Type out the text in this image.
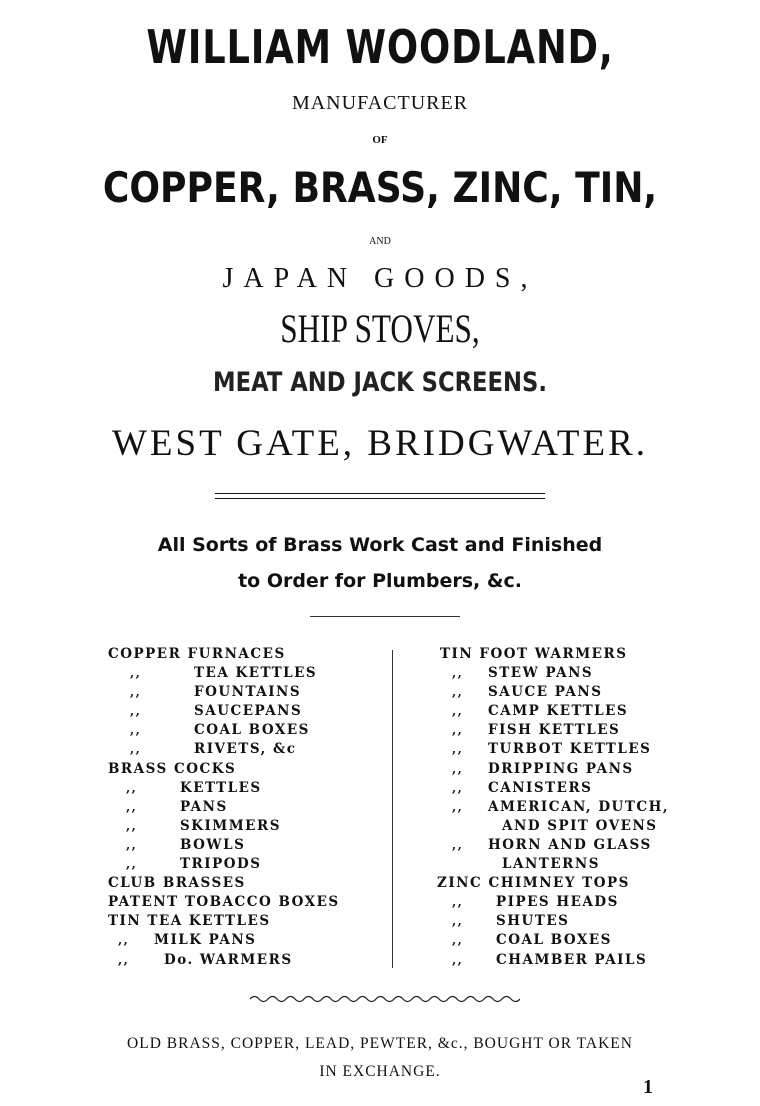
WILLIAM WOODLAND,
MANUFACTURER
OF
COPPER, BRASS, ZINC, TIN,
AND
JAPAN GOODS,
SHIP STOVES,
MEAT AND JACK SCREENS.
WEST GATE, BRIDGWATER.
All Sorts of Brass Work Cast and Finished
to Order for Plumbers, &c.
COPPER FURNACES
,,	TEA KETTLES
,,	FOUNTAINS
,,	SAUCEPANS
,,	COAL BOXES
,,	RIVETS, &c
BRASS COCKS
,,	KETTLES
,,	PANS
,,	SKIMMERS
,,	BOWLS
,,	TRIPODS
CLUB BRASSES
PATENT TOBACCO BOXES
TIN TEA KETTLES
,, MILK PANS
,,	Do. WARMERS
TIN FOOT WARMERS
,, STEW PANS
,, SAUCE PANS
,, CAMP KETTLES
,, FISH KETTLES
,, TURBOT KETTLES
,, DRIPPING PANS
,, CANISTERS
,, AMERICAN, DUTCH,
AND SPIT OVENS
,, HORN AND GLASS
LANTERNS
ZINC CHIMNEY TOPS
,, PIPES HEADS
,, SHUTES
,, COAL BOXES
,, CHAMBER PAILS
OLD BRASS, COPPER, LEAD, PEWTER, &c., BOUGHT OR TAKEN
IN EXCHANGE.
1
